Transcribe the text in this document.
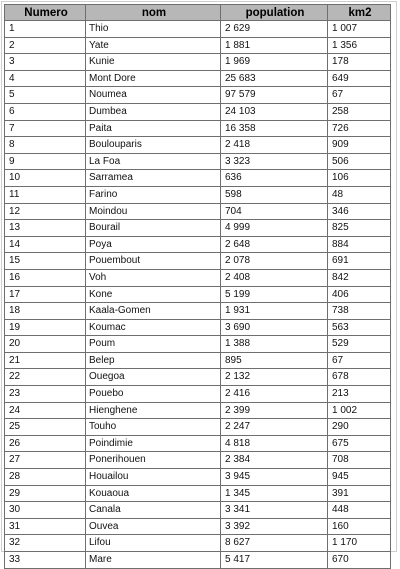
Numero	nom	population	km2
1	Thio	2 629	1 007
2	Yate	1 881	1 356
3	Kunie	1 969	178
4	Mont Dore	25 683	649
5	Noumea	97 579	67
6	Dumbea	24 103	258
7	Paita	16 358	726
8	Boulouparis	2 418	909
9	La Foa	3 323	506
10	Sarramea	636	106
11	Farino	598	48
12	Moindou	704	346
13	Bourail	4 999	825
14	Poya	2 648	884
15	Pouembout	2 078	691
16	Voh	2 408	842
17	Kone	5 199	406
18	Kaala-Gomen	1 931	738
19	Koumac	3 690	563
20	Poum	1 388	529
21	Belep	895	67
22	Ouegoa	2 132	678
23	Pouebo	2 416	213
24	Hienghene	2 399	1 002
25	Touho	2 247	290
26	Poindimie	4 818	675
27	Ponerihouen	2 384	708
28	Houailou	3 945	945
29	Kouaoua	1 345	391
30	Canala	3 341	448
31	Ouvea	3 392	160
32	Lifou	8 627	1 170
33	Mare	5 417	670
